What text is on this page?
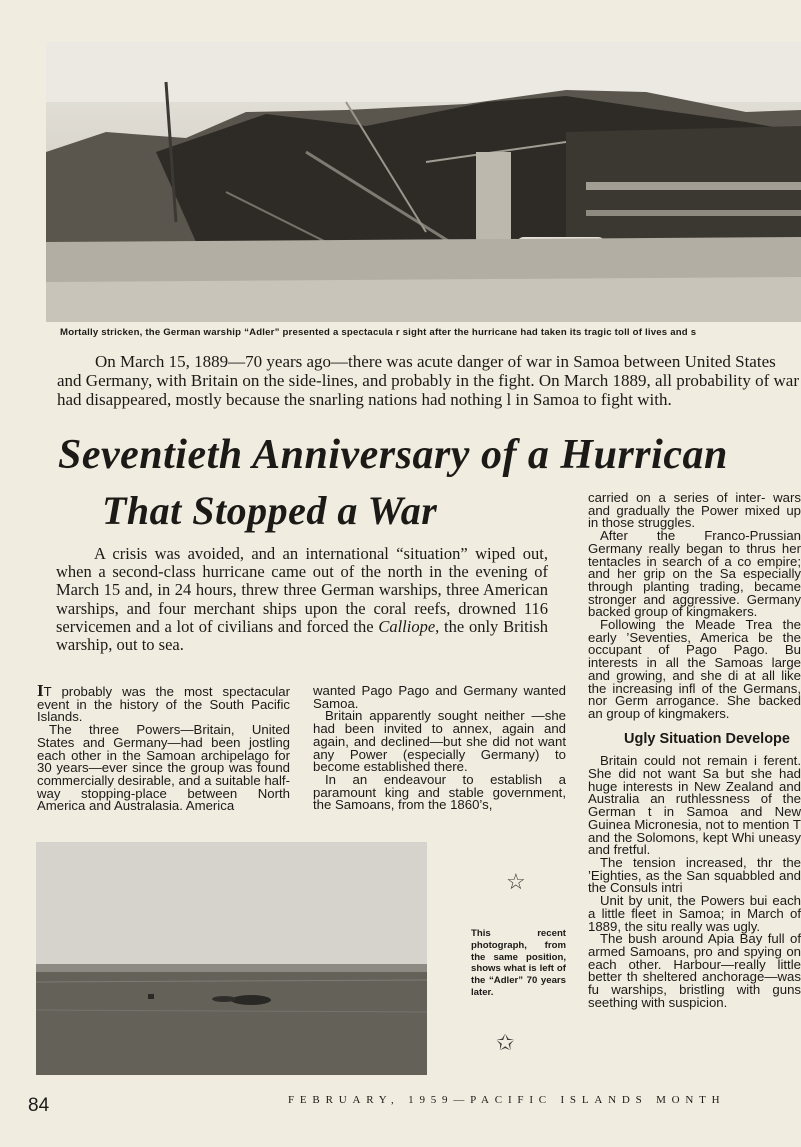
Mortally stricken, the German warship “Adler” presented a spectacula r sight after the hurricane had taken its tragic toll of lives and s
On March 15, 1889—70 years ago—there was acute danger of war in Samoa between United States and Germany, with Britain on the side-lines, and probably in the fight. On March 1889, all probability of war had disappeared, mostly because the snarling nations had nothing l in Samoa to fight with.
Seventieth Anniversary of a Hurrican
That Stopped a War
A crisis was avoided, and an international “situation” wiped out, when a second-class hurricane came out of the north in the evening of March 15 and, in 24 hours, threw three German warships, three American warships, and four merchant ships upon the coral reefs, drowned 116 servicemen and a lot of civilians and forced the Calliope, the only British warship, out to sea.

IT probably was the most spectacular event in the history of the South Pacific Islands.

The three Powers—Britain, United States and Germany—had been jostling each other in the Samoan archipelago for 30 years—ever since the group was found commercially desirable, and a suitable half-way stopping-place between North America and Australasia. America

wanted Pago Pago and Germany wanted Samoa.

Britain apparently sought neither —she had been invited to annex, again and again, and declined—but she did not want any Power (especially Germany) to become established there.

In an endeavour to establish a paramount king and stable government, the Samoans, from the 1860’s,

carried on a series of inter- wars and gradually the Power mixed up in those struggles.

After the Franco-Prussian Germany really began to thrus her tentacles in search of a co empire; and her grip on the Sa especially through planting trading, became stronger and aggressive. Germany backed group of kingmakers.

Following the Meade Trea the early ’Seventies, America be the occupant of Pago Pago. Bu interests in all the Samoas large and growing, and she di at all like the increasing infl of the Germans, nor Germ arrogance. She backed an group of kingmakers.

Ugly Situation Develope

Britain could not remain i ferent. She did not want Sa but she had huge interests in New Zealand and Australia an ruthlessness of the German t in Samoa and New Guinea Micronesia, not to mention T and the Solomons, kept Whi uneasy and fretful.

The tension increased, thr the ’Eighties, as the San squabbled and the Consuls intri

Unit by unit, the Powers bui each a little fleet in Samoa; in March of 1889, the situ really was ugly.

The bush around Apia Bay full of armed Samoans, pro and spying on each other. Harbour—really little better th sheltered anchorage—was fu warships, bristling with guns seething with suspicion.

☆
This recent photograph, from the same position, shows what is left of the “Adler” 70 years later.
✩
84	FEBRUARY, 1959—PACIFIC ISLANDS MONTH
